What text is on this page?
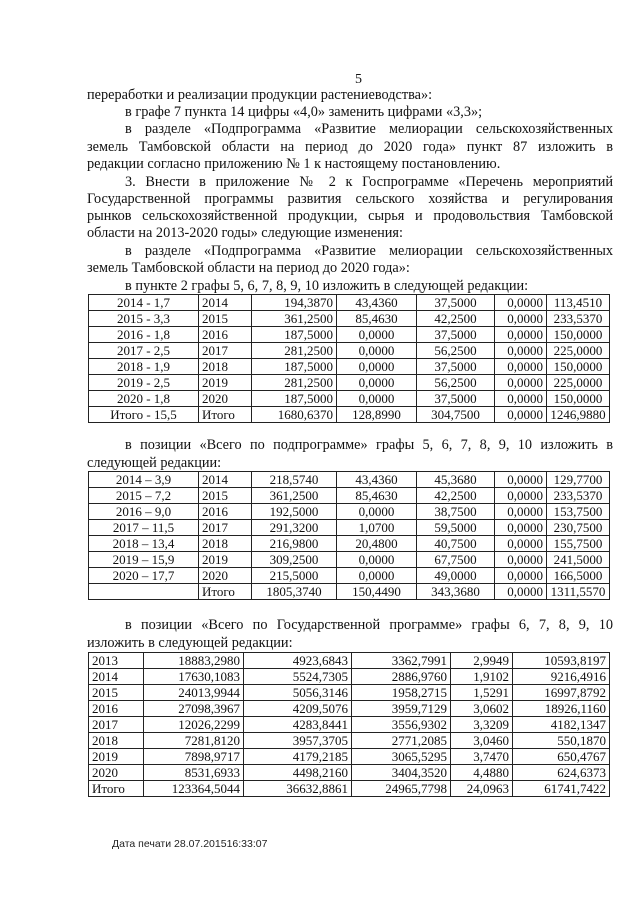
5
переработки и реализации продукции растениеводства»:
в графе 7 пункта 14 цифры «4,0» заменить цифрами «3,3»;
в разделе «Подпрограмма «Развитие мелиорации сельскохозяйственных
земель Тамбовской области на период до 2020 года» пункт 87 изложить в
редакции согласно приложению № 1 к настоящему постановлению.
3. Внести в приложение № 2 к Госпрограмме «Перечень мероприятий
Государственной программы развития сельского хозяйства и регулирования
рынков сельскохозяйственной продукции, сырья и продовольствия Тамбовской
области на 2013-2020 годы» следующие изменения:
в разделе «Подпрограмма «Развитие мелиорации сельскохозяйственных
земель Тамбовской области на период до 2020 года»:
в пункте 2 графы 5, 6, 7, 8, 9, 10 изложить в следующей редакции:
2014 - 1,7	2014	194,3870	43,4360	37,5000	0,0000	113,4510
2015 - 3,3	2015	361,2500	85,4630	42,2500	0,0000	233,5370
2016 - 1,8	2016	187,5000	0,0000	37,5000	0,0000	150,0000
2017 - 2,5	2017	281,2500	0,0000	56,2500	0,0000	225,0000
2018 - 1,9	2018	187,5000	0,0000	37,5000	0,0000	150,0000
2019 - 2,5	2019	281,2500	0,0000	56,2500	0,0000	225,0000
2020 - 1,8	2020	187,5000	0,0000	37,5000	0,0000	150,0000
Итого - 15,5	Итого	1680,6370	128,8990	304,7500	0,0000	1246,9880
в позиции «Всего по подпрограмме» графы 5, 6, 7, 8, 9, 10 изложить в
следующей редакции:
2014 – 3,9	2014	218,5740	43,4360	45,3680	0,0000	129,7700
2015 – 7,2	2015	361,2500	85,4630	42,2500	0,0000	233,5370
2016 – 9,0	2016	192,5000	0,0000	38,7500	0,0000	153,7500
2017 – 11,5	2017	291,3200	1,0700	59,5000	0,0000	230,7500
2018 – 13,4	2018	216,9800	20,4800	40,7500	0,0000	155,7500
2019 – 15,9	2019	309,2500	0,0000	67,7500	0,0000	241,5000
2020 – 17,7	2020	215,5000	0,0000	49,0000	0,0000	166,5000
	Итого	1805,3740	150,4490	343,3680	0,0000	1311,5570
в позиции «Всего по Государственной программе» графы 6, 7, 8, 9, 10
изложить в следующей редакции:
2013	18883,2980	4923,6843	3362,7991	2,9949	10593,8197
2014	17630,1083	5524,7305	2886,9760	1,9102	9216,4916
2015	24013,9944	5056,3146	1958,2715	1,5291	16997,8792
2016	27098,3967	4209,5076	3959,7129	3,0602	18926,1160
2017	12026,2299	4283,8441	3556,9302	3,3209	4182,1347
2018	7281,8120	3957,3705	2771,2085	3,0460	550,1870
2019	7898,9717	4179,2185	3065,5295	3,7470	650,4767
2020	8531,6933	4498,2160	3404,3520	4,4880	624,6373
Итого	123364,5044	36632,8861	24965,7798	24,0963	61741,7422
Дата печати 28.07.201516:33:07
